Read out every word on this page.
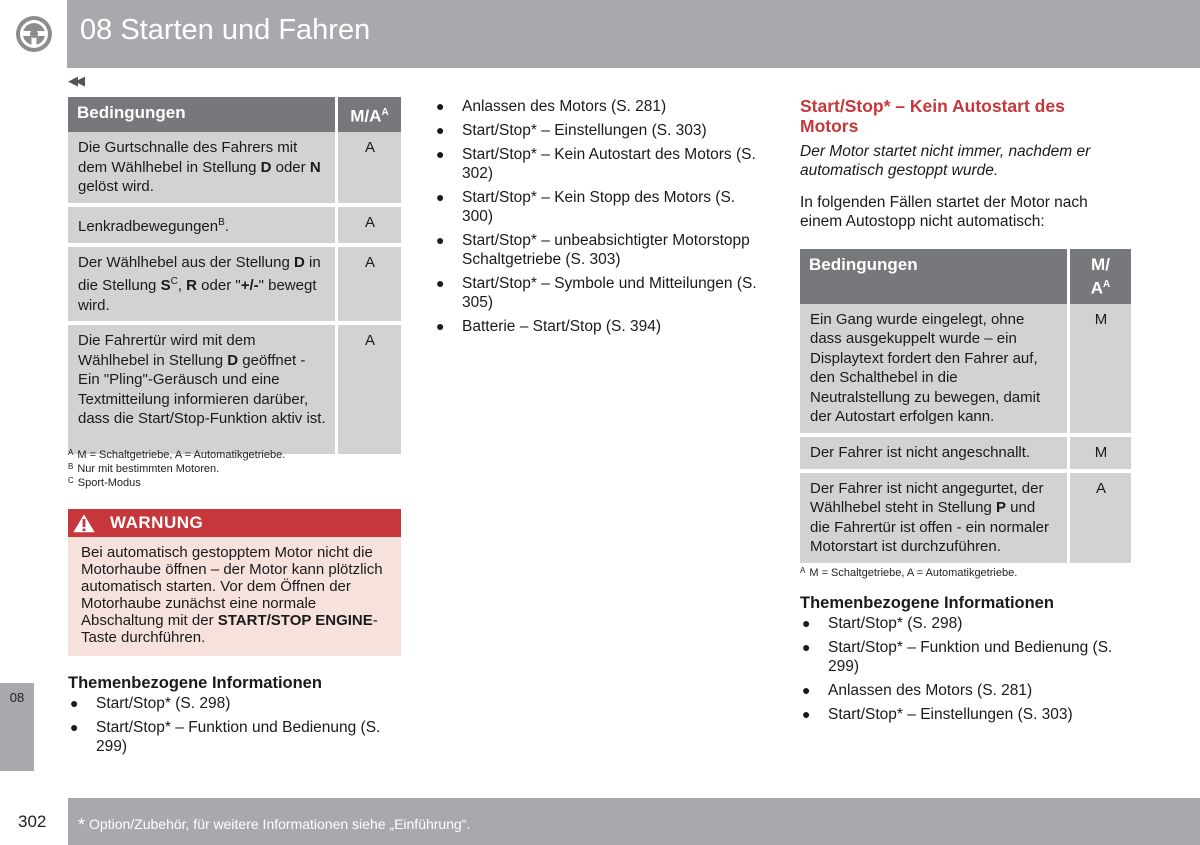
08 Starten und Fahren
◀◀
Bedingungen	$M/A^A$
Die Gurtschnalle des Fahrers mit dem Wählhebel in Stellung D oder N gelöst wird.	A
Lenkradbewegungen$^B$.	A
Der Wählhebel aus der Stellung D in die Stellung $S^C$, R oder "+/-" bewegt wird.	A
Die Fahrertür wird mit dem Wählhebel in Stellung D geöffnet - Ein "Pling"-Geräusch und eine Textmitteilung informieren darüber, dass die Start/Stop-Funktion aktiv ist.	A
$^A$ M = Schaltgetriebe, A = Automatikgetriebe.
$^B$ Nur mit bestimmten Motoren.
$^C$ Sport-Modus
WARNUNG
Bei automatisch gestopptem Motor nicht die Motorhaube öffnen – der Motor kann plötzlich automatisch starten. Vor dem Öffnen der Motorhaube zunächst eine normale Abschaltung mit der START/STOP ENGINE-Taste durchführen.
Themenbezogene Informationen
● Start/Stop* (S. 298)
● Start/Stop* – Funktion und Bedienung (S. 299)
08
● Anlassen des Motors (S. 281)
● Start/Stop* – Einstellungen (S. 303)
● Start/Stop* – Kein Autostart des Motors (S. 302)
● Start/Stop* – Kein Stopp des Motors (S. 300)
● Start/Stop* – unbeabsichtigter Motorstopp Schaltgetriebe (S. 303)
● Start/Stop* – Symbole und Mitteilungen (S. 305)
● Batterie – Start/Stop (S. 394)
Start/Stop* – Kein Autostart des Motors
Der Motor startet nicht immer, nachdem er automatisch gestoppt wurde.
In folgenden Fällen startet der Motor nach einem Autostopp nicht automatisch:
Bedingungen	M/
$A^A$
Ein Gang wurde eingelegt, ohne dass ausgekuppelt wurde – ein Displaytext fordert den Fahrer auf, den Schalthebel in die Neutralstellung zu bewegen, damit der Autostart erfolgen kann.	M
Der Fahrer ist nicht angeschnallt.	M
Der Fahrer ist nicht angegurtet, der Wählhebel steht in Stellung P und die Fahrertür ist offen - ein normaler Motorstart ist durchzuführen.	A
$^A$ M = Schaltgetriebe, A = Automatikgetriebe.
Themenbezogene Informationen
● Start/Stop* (S. 298)
● Start/Stop* – Funktion und Bedienung (S. 299)
● Anlassen des Motors (S. 281)
● Start/Stop* – Einstellungen (S. 303)
302 * Option/Zubehör, für weitere Informationen siehe „Einführung“.
